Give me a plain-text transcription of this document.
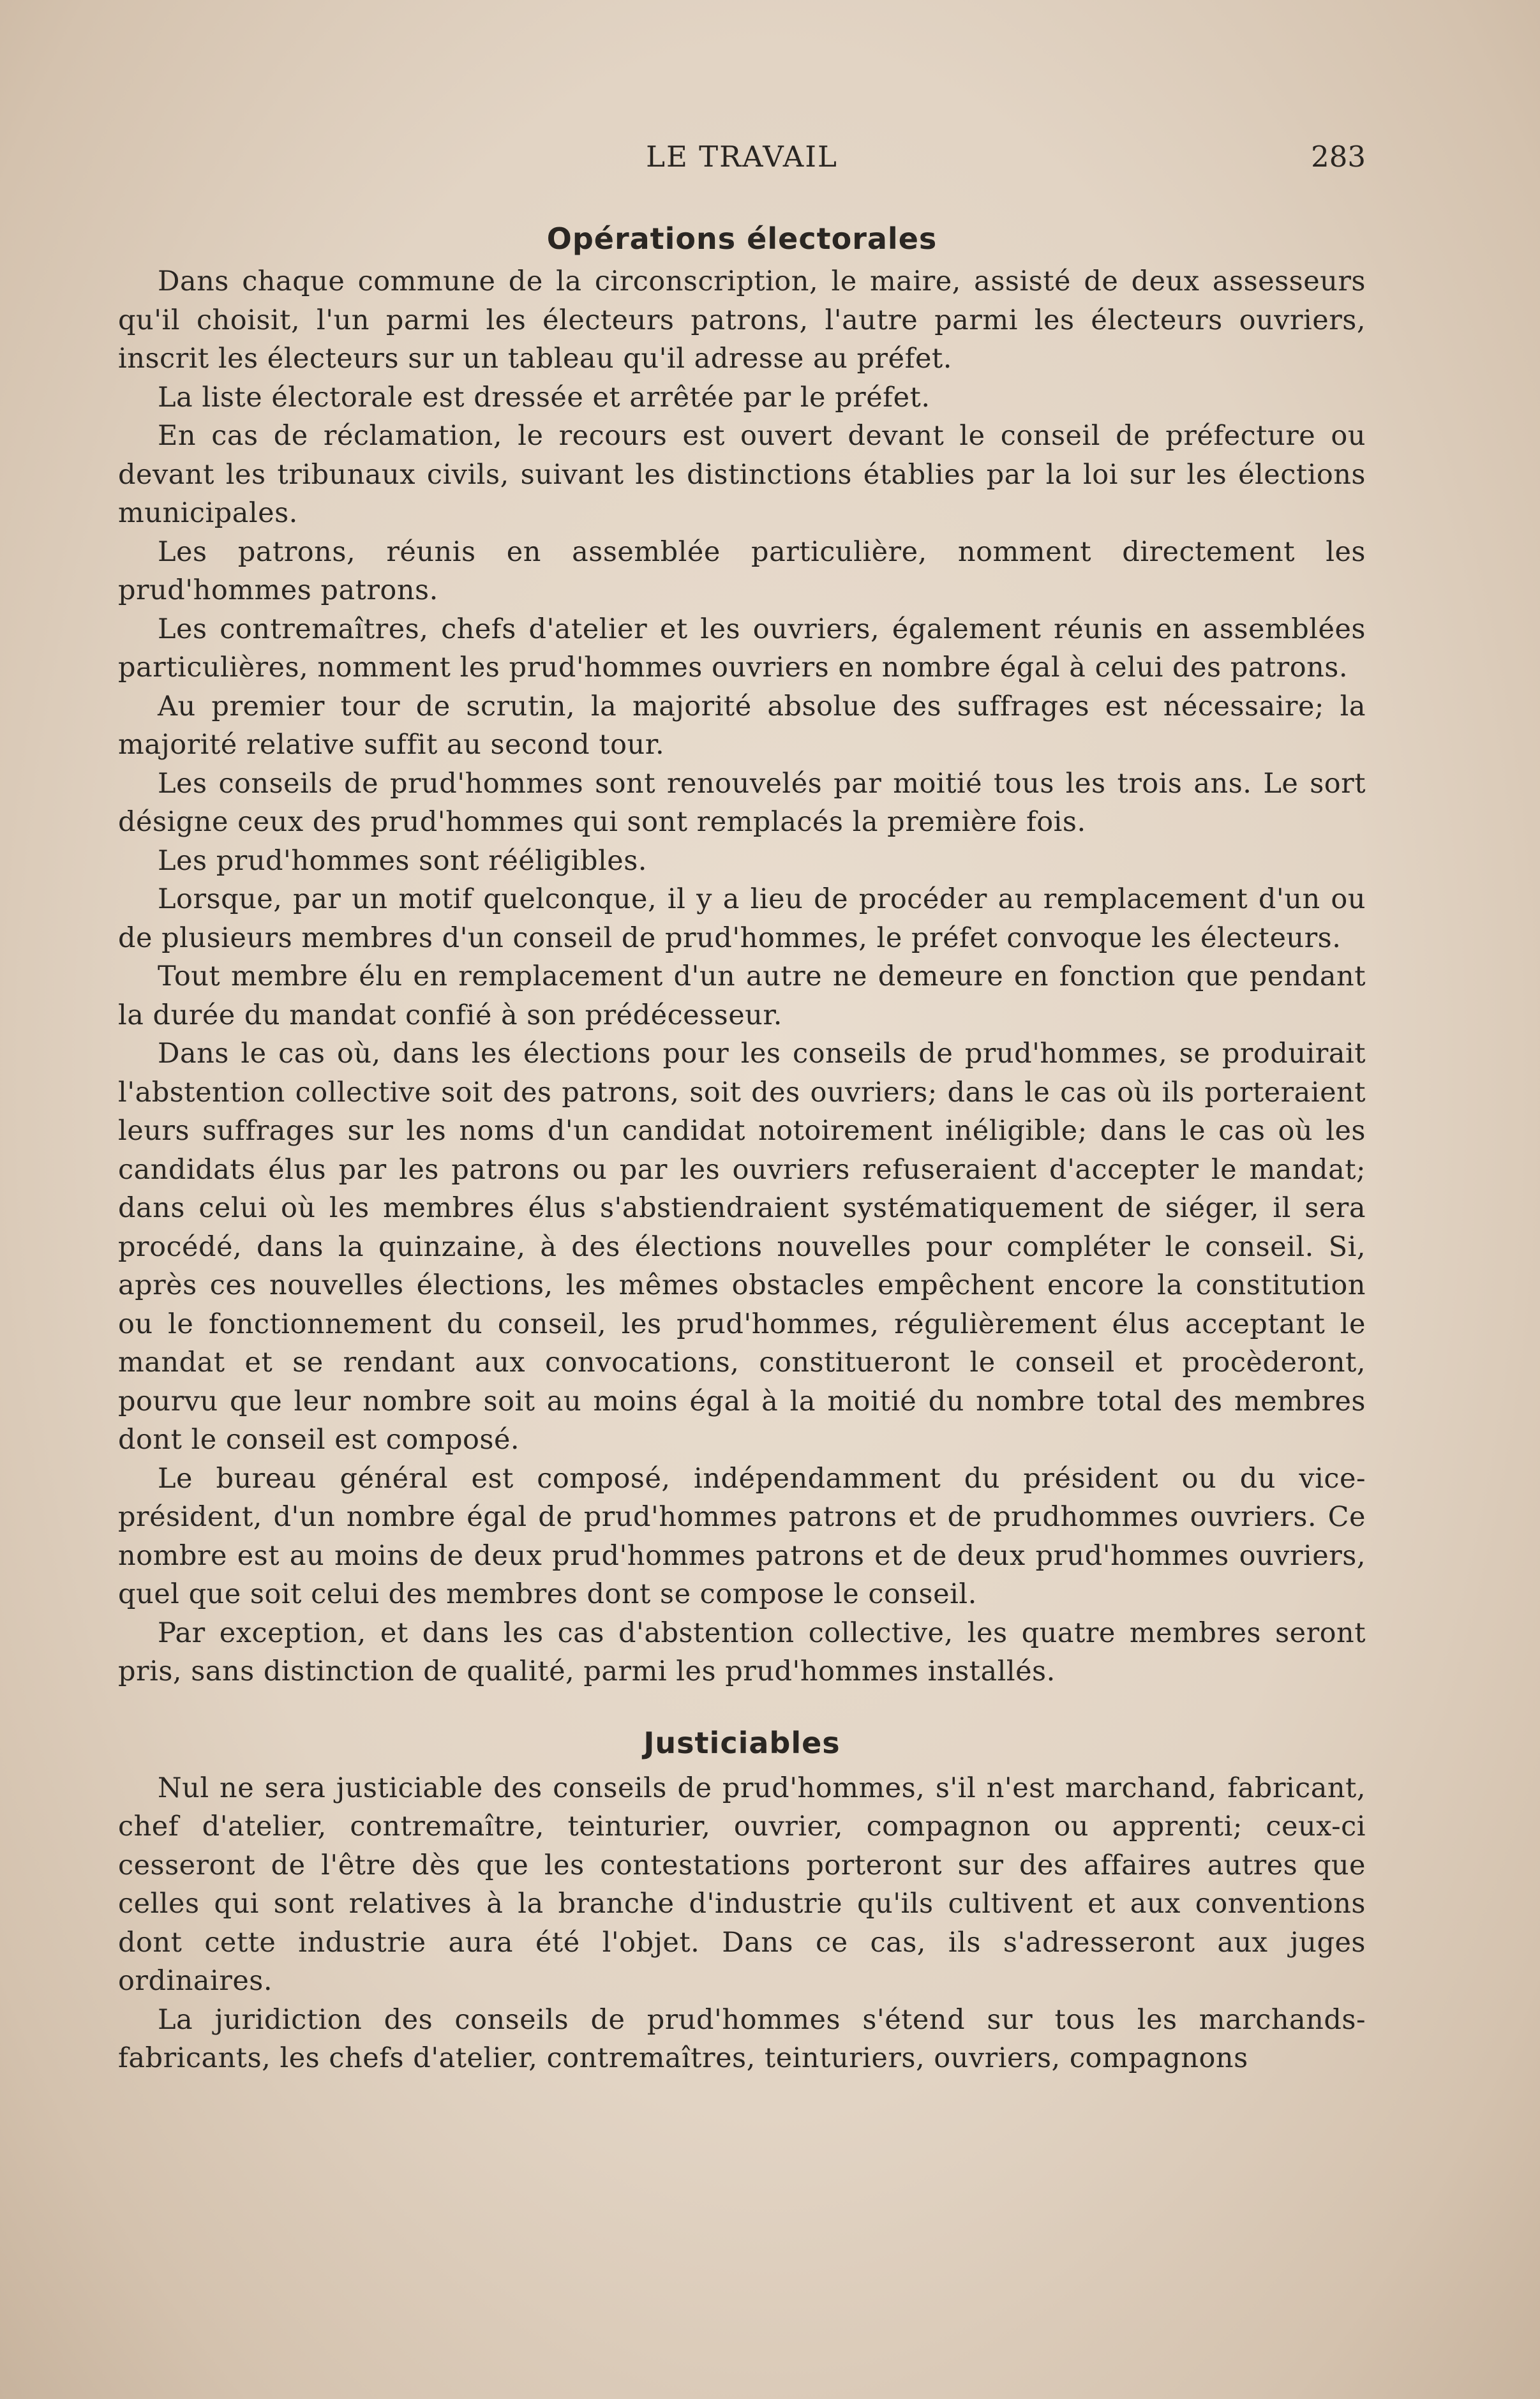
LE TRAVAIL	283
Opérations électorales

Dans chaque commune de la circonscription, le maire, assisté de deux assesseurs qu'il choisit, l'un parmi les électeurs patrons, l'autre parmi les électeurs ouvriers, inscrit les électeurs sur un tableau qu'il adresse au préfet.

La liste électorale est dressée et arrêtée par le préfet.

En cas de réclamation, le recours est ouvert devant le conseil de préfecture ou devant les tribunaux civils, suivant les distinctions établies par la loi sur les élections municipales.

Les patrons, réunis en assemblée particulière, nomment directement les prud'hommes patrons.

Les contremaîtres, chefs d'atelier et les ouvriers, également réunis en assemblées particulières, nomment les prud'hommes ouvriers en nombre égal à celui des patrons.

Au premier tour de scrutin, la majorité absolue des suffrages est nécessaire; la majorité relative suffit au second tour.

Les conseils de prud'hommes sont renouvelés par moitié tous les trois ans. Le sort désigne ceux des prud'hommes qui sont remplacés la première fois.

Les prud'hommes sont rééligibles.

Lorsque, par un motif quelconque, il y a lieu de procéder au remplacement d'un ou de plusieurs membres d'un conseil de prud'hommes, le préfet convoque les électeurs.

Tout membre élu en remplacement d'un autre ne demeure en fonction que pendant la durée du mandat confié à son prédécesseur.

Dans le cas où, dans les élections pour les conseils de prud'hommes, se produirait l'abstention collective soit des patrons, soit des ouvriers; dans le cas où ils porteraient leurs suffrages sur les noms d'un candidat notoirement inéligible; dans le cas où les candidats élus par les patrons ou par les ouvriers refuseraient d'accepter le mandat; dans celui où les membres élus s'abstiendraient systématiquement de siéger, il sera procédé, dans la quinzaine, à des élections nouvelles pour compléter le conseil. Si, après ces nouvelles élections, les mêmes obstacles empêchent encore la constitution ou le fonctionnement du conseil, les prud'hommes, régulièrement élus acceptant le mandat et se rendant aux convocations, constitueront le conseil et procèderont, pourvu que leur nombre soit au moins égal à la moitié du nombre total des membres dont le conseil est composé.

Le bureau général est composé, indépendamment du président ou du vice-président, d'un nombre égal de prud'hommes patrons et de prudhommes ouvriers. Ce nombre est au moins de deux prud'hommes patrons et de deux prud'hommes ouvriers, quel que soit celui des membres dont se compose le conseil.

Par exception, et dans les cas d'abstention collective, les quatre membres seront pris, sans distinction de qualité, parmi les prud'hommes installés.

Justiciables

Nul ne sera justiciable des conseils de prud'hommes, s'il n'est marchand, fabricant, chef d'atelier, contremaître, teinturier, ouvrier, compagnon ou apprenti; ceux-ci cesseront de l'être dès que les contestations porteront sur des affaires autres que celles qui sont relatives à la branche d'industrie qu'ils cultivent et aux conventions dont cette industrie aura été l'objet. Dans ce cas, ils s'adresseront aux juges ordinaires.

La juridiction des conseils de prud'hommes s'étend sur tous les marchands-fabricants, les chefs d'atelier, contremaîtres, teinturiers, ouvriers, compagnons
